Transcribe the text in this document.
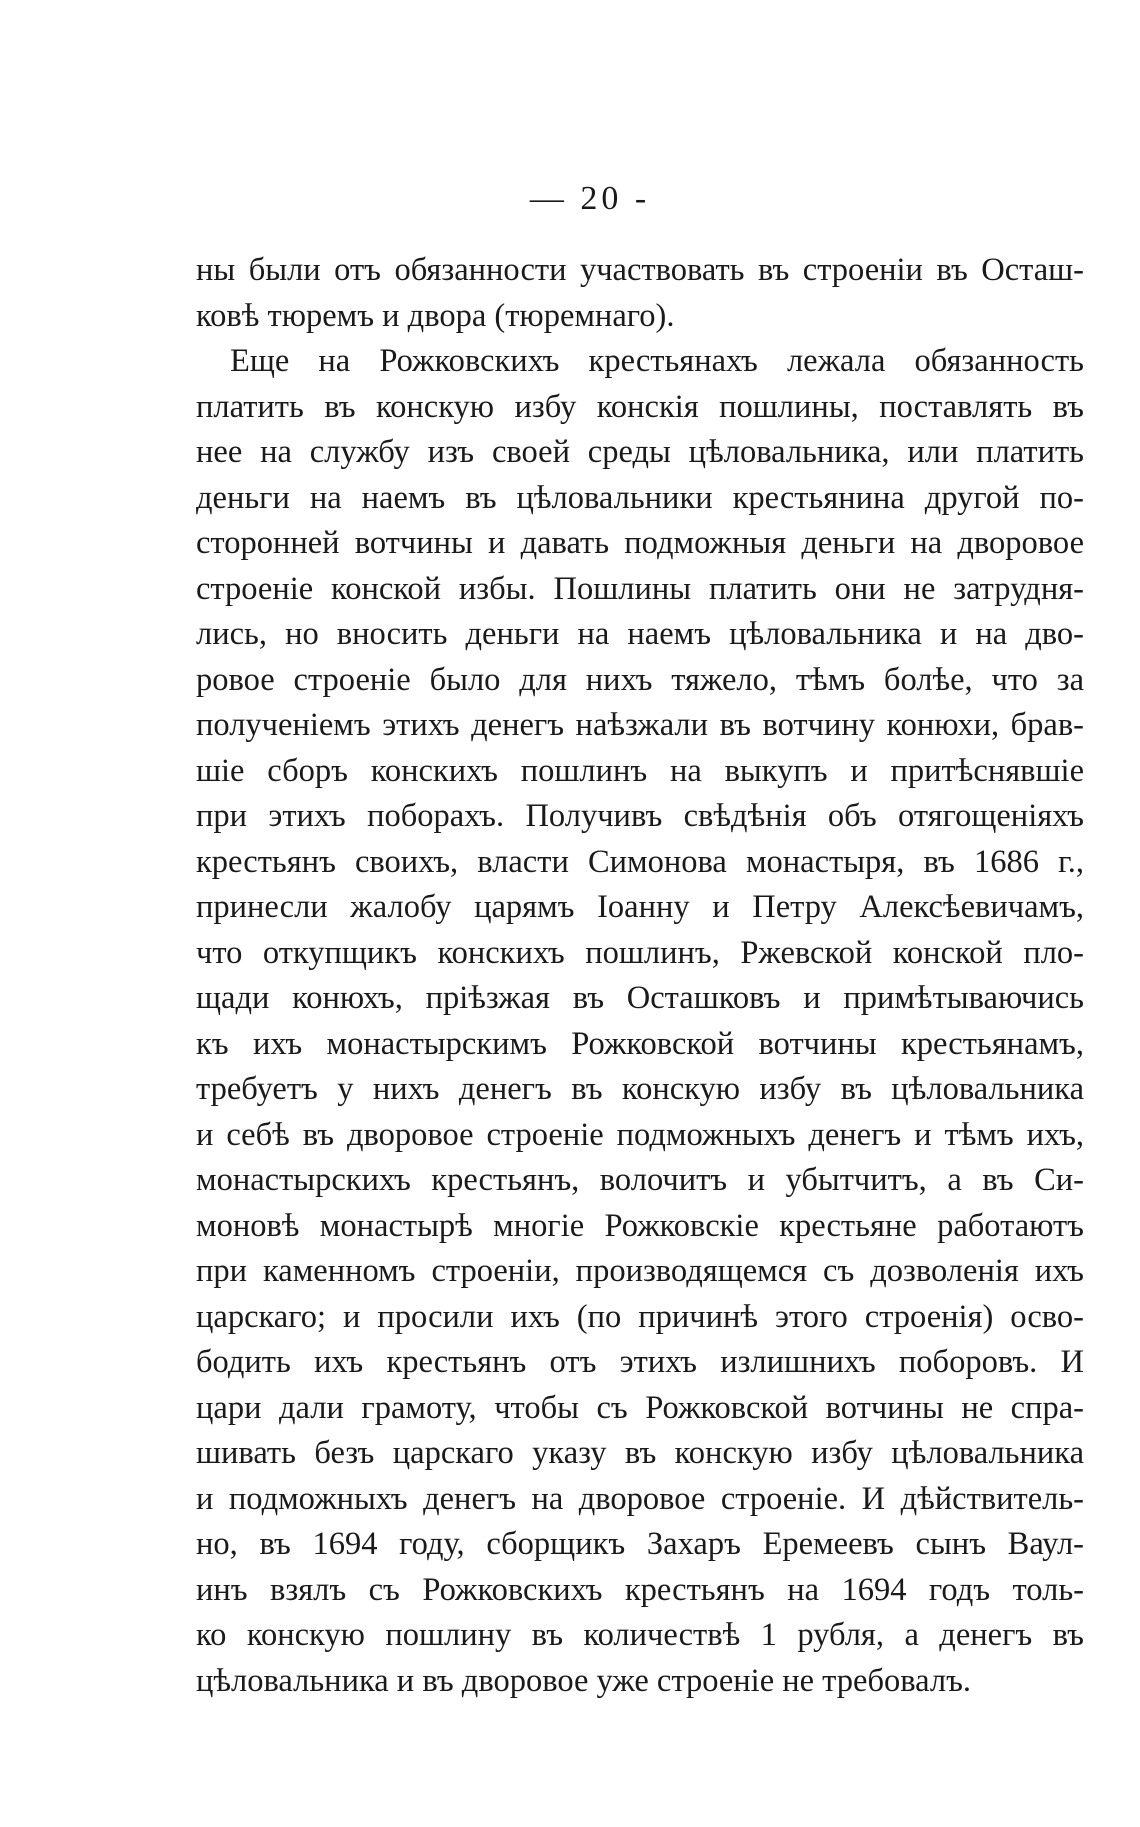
— 20 -
ны были отъ обязанности участвовать въ строеніи въ Осташ-
ковѣ тюремъ и двора (тюремнаго).
Еще на Рожковскихъ крестьянахъ лежала обязанность
платить въ конскую избу конскія пошлины, поставлять въ
нее на службу изъ своей среды цѣловальника, или платить
деньги на наемъ въ цѣловальники крестьянина другой по-
сторонней вотчины и давать подможныя деньги на дворовое
строеніе конской избы. Пошлины платить они не затрудня-
лись, но вносить деньги на наемъ цѣловальника и на дво-
ровое строеніе было для нихъ тяжело, тѣмъ болѣе, что за
полученіемъ этихъ денегъ наѣзжали въ вотчину конюхи, брав-
шіе сборъ конскихъ пошлинъ на выкупъ и притѣснявшіе
при этихъ поборахъ. Получивъ свѣдѣнія объ отягощеніяхъ
крестьянъ своихъ, власти Симонова монастыря, въ 1686 г.,
принесли жалобу царямъ Іоанну и Петру Алексѣевичамъ,
что откупщикъ конскихъ пошлинъ, Ржевской конской пло-
щади конюхъ, пріѣзжая въ Осташковъ и примѣтываючись
къ ихъ монастырскимъ Рожковской вотчины крестьянамъ,
требуетъ у нихъ денегъ въ конскую избу въ цѣловальника
и себѣ въ дворовое строеніе подможныхъ денегъ и тѣмъ ихъ,
монастырскихъ крестьянъ, волочитъ и убытчитъ, а въ Си-
моновѣ монастырѣ многіе Рожковскіе крестьяне работаютъ
при каменномъ строеніи, производящемся съ дозволенія ихъ
царскаго; и просили ихъ (по причинѣ этого строенія) осво-
бодить ихъ крестьянъ отъ этихъ излишнихъ поборовъ. И
цари дали грамоту, чтобы съ Рожковской вотчины не спра-
шивать безъ царскаго указу въ конскую избу цѣловальника
и подможныхъ денегъ на дворовое строеніе. И дѣйствитель-
но, въ 1694 году, сборщикъ Захаръ Еремеевъ сынъ Ваул-
инъ взялъ съ Рожковскихъ крестьянъ на 1694 годъ толь-
ко конскую пошлину въ количествѣ 1 рубля, а денегъ въ
цѣловальника и въ дворовое уже строеніе не требовалъ.
